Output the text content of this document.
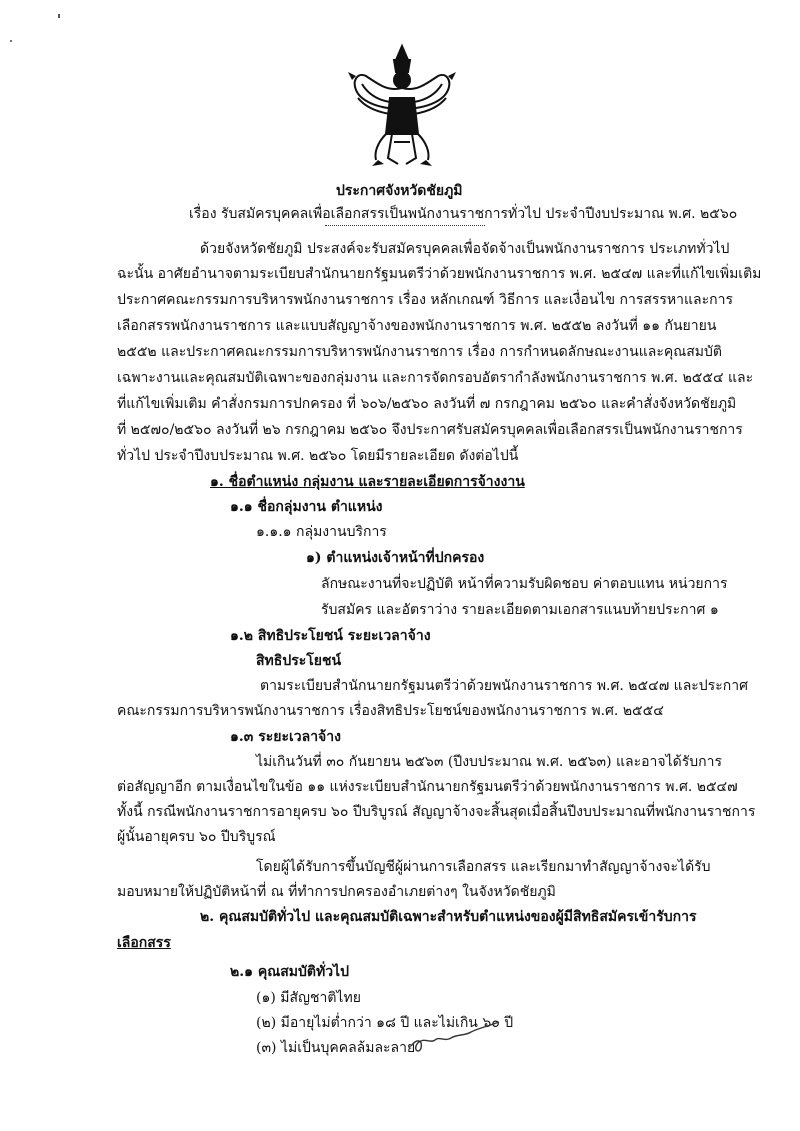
ประกาศจังหวัดชัยภูมิ
เรื่อง รับสมัครบุคคลเพื่อเลือกสรรเป็นพนักงานราชการทั่วไป ประจำปีงบประมาณ พ.ศ. ๒๕๖๐
ด้วยจังหวัดชัยภูมิ ประสงค์จะรับสมัครบุคคลเพื่อจัดจ้างเป็นพนักงานราชการ ประเภททั่วไป
ฉะนั้น อาศัยอำนาจตามระเบียบสำนักนายกรัฐมนตรีว่าด้วยพนักงานราชการ พ.ศ. ๒๕๔๗ และที่แก้ไขเพิ่มเติม
ประกาศคณะกรรมการบริหารพนักงานราชการ เรื่อง หลักเกณฑ์ วิธีการ และเงื่อนไข การสรรหาและการ
เลือกสรรพนักงานราชการ และแบบสัญญาจ้างของพนักงานราชการ พ.ศ. ๒๕๕๒ ลงวันที่ ๑๑ กันยายน
๒๕๕๒ และประกาศคณะกรรมการบริหารพนักงานราชการ เรื่อง การกำหนดลักษณะงานและคุณสมบัติ
เฉพาะงานและคุณสมบัติเฉพาะของกลุ่มงาน และการจัดกรอบอัตรากำลังพนักงานราชการ พ.ศ. ๒๕๕๔ และ
ที่แก้ไขเพิ่มเติม คำสั่งกรมการปกครอง ที่ ๖๐๖/๒๕๖๐ ลงวันที่ ๗ กรกฎาคม ๒๕๖๐ และคำสั่งจังหวัดชัยภูมิ
ที่ ๒๕๗๐/๒๕๖๐ ลงวันที่ ๒๖ กรกฎาคม ๒๕๖๐ จึงประกาศรับสมัครบุคคลเพื่อเลือกสรรเป็นพนักงานราชการ
ทั่วไป ประจำปีงบประมาณ พ.ศ. ๒๕๖๐ โดยมีรายละเอียด ดังต่อไปนี้
๑. ชื่อตำแหน่ง กลุ่มงาน และรายละเอียดการจ้างงาน
๑.๑ ชื่อกลุ่มงาน ตำแหน่ง
๑.๑.๑ กลุ่มงานบริการ
๑) ตำแหน่งเจ้าหน้าที่ปกครอง
ลักษณะงานที่จะปฏิบัติ หน้าที่ความรับผิดชอบ ค่าตอบแทน หน่วยการ
รับสมัคร และอัตราว่าง รายละเอียดตามเอกสารแนบท้ายประกาศ ๑
๑.๒ สิทธิประโยชน์ ระยะเวลาจ้าง
สิทธิประโยชน์
ตามระเบียบสำนักนายกรัฐมนตรีว่าด้วยพนักงานราชการ พ.ศ. ๒๕๔๗ และประกาศ
คณะกรรมการบริหารพนักงานราชการ เรื่องสิทธิประโยชน์ของพนักงานราชการ พ.ศ. ๒๕๕๔
๑.๓ ระยะเวลาจ้าง
ไม่เกินวันที่ ๓๐ กันยายน ๒๕๖๓ (ปีงบประมาณ พ.ศ. ๒๕๖๓) และอาจได้รับการ
ต่อสัญญาอีก ตามเงื่อนไขในข้อ ๑๑ แห่งระเบียบสำนักนายกรัฐมนตรีว่าด้วยพนักงานราชการ พ.ศ. ๒๕๔๗
ทั้งนี้ กรณีพนักงานราชการอายุครบ ๖๐ ปีบริบูรณ์ สัญญาจ้างจะสิ้นสุดเมื่อสิ้นปีงบประมาณที่พนักงานราชการ
ผู้นั้นอายุครบ ๖๐ ปีบริบูรณ์
โดยผู้ได้รับการขึ้นบัญชีผู้ผ่านการเลือกสรร และเรียกมาทำสัญญาจ้างจะได้รับ
มอบหมายให้ปฏิบัติหน้าที่ ณ ที่ทำการปกครองอำเภยต่างๆ ในจังหวัดชัยภูมิ
๒. คุณสมบัติทั่วไป และคุณสมบัติเฉพาะสำหรับตำแหน่งของผู้มีสิทธิสมัครเข้ารับการ
เลือกสรร
๒.๑ คุณสมบัติทั่วไป
(๑) มีสัญชาติไทย
(๒) มีอายุไม่ต่ำกว่า ๑๘ ปี และไม่เกิน ๖๐ ปี
(๓) ไม่เป็นบุคคลล้มละลาย
